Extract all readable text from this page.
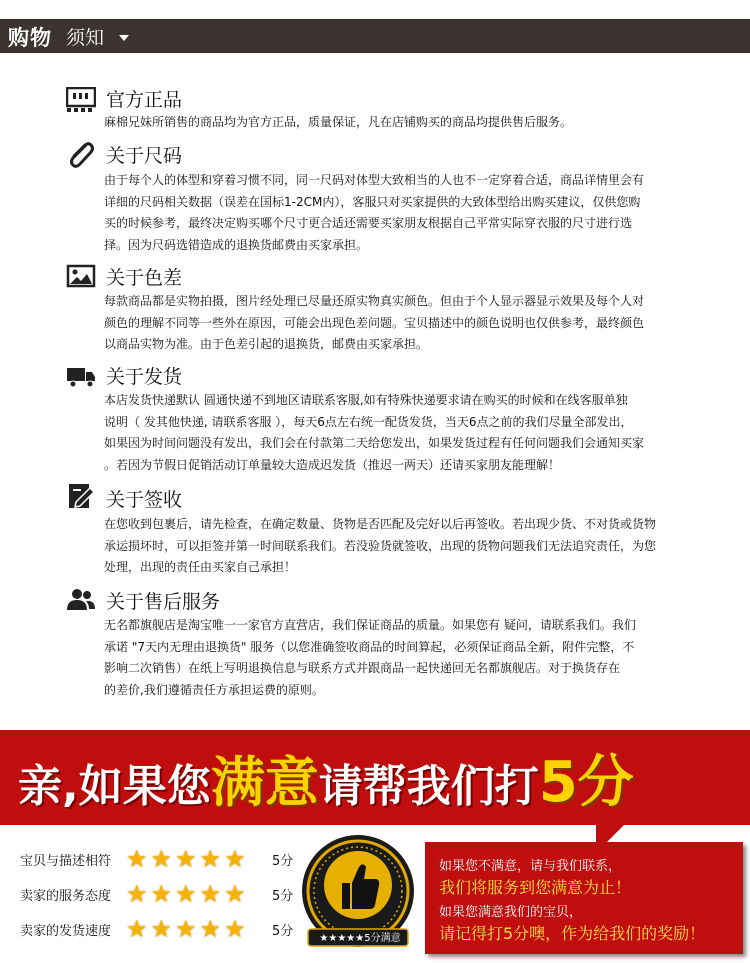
购物 须知
官方正品

麻棉兄妹所销售的商品均为官方正品，质量保证，凡在店铺购买的商品均提供售后服务。

关于尺码

由于每个人的体型和穿着习惯不同，同一尺码对体型大致相当的人也不一定穿着合适，商品详情里会有

详细的尺码相关数据（误差在国标1-2CM内），客服只对买家提供的大致体型给出购买建议，仅供您购

买的时候参考，最终决定购买哪个尺寸更合适还需要买家朋友根据自己平常实际穿衣服的尺寸进行选

择。因为尺码选错造成的退换货邮费由买家承担。

关于色差

每款商品都是实物拍摄，图片经处理已尽量还原实物真实颜色。但由于个人显示器显示效果及每个人对

颜色的理解不同等一些外在原因，可能会出现色差问题。宝贝描述中的颜色说明也仅供参考，最终颜色

以商品实物为准。由于色差引起的退换货，邮费由买家承担。

关于发货

本店发货快递默认 圆通快递不到地区请联系客服,如有特殊快递要求请在购买的时候和在线客服单独

说明（ 发其他快递, 请联系客服 ），每天6点左右统一配货发货，当天6点之前的我们尽量全部发出，

如果因为时间问题没有发出，我们会在付款第二天给您发出，如果发货过程有任何问题我们会通知买家

。若因为节假日促销活动订单量较大造成迟发货（推迟一两天）还请买家朋友能理解！

关于签收

在您收到包裹后，请先检查，在确定数量、货物是否匹配及完好以后再签收。若出现少货、不对货或货物

承运损坏时，可以拒签并第一时间联系我们。若没验货就签收，出现的货物问题我们无法追究责任，为您

处理，出现的责任由买家自己承担！

关于售后服务

无名都旗舰店是淘宝唯一一家官方直营店，我们保证商品的质量。如果您有 疑问，请联系我们。我们

承诺 "7天内无理由退换货" 服务（以您准确签收商品的时间算起，必须保证商品全新，附件完整，不

影响二次销售）在纸上写明退换信息与联系方式并跟商品一起快递回无名都旗舰店。对于换货存在

的差价,我们遵循责任方承担运费的原则。

亲,如果您满意请帮我们打5分
宝贝与描述相符 ★★★★★ 5分
卖家的服务态度 ★★★★★ 5分
卖家的发货速度 ★★★★★ 5分	★★★★★5分满意

如果您不满意，请与我们联系，

我们将服务到您满意为止！

如果您满意我们的宝贝，

请记得打5分噢，作为给我们的奖励！
